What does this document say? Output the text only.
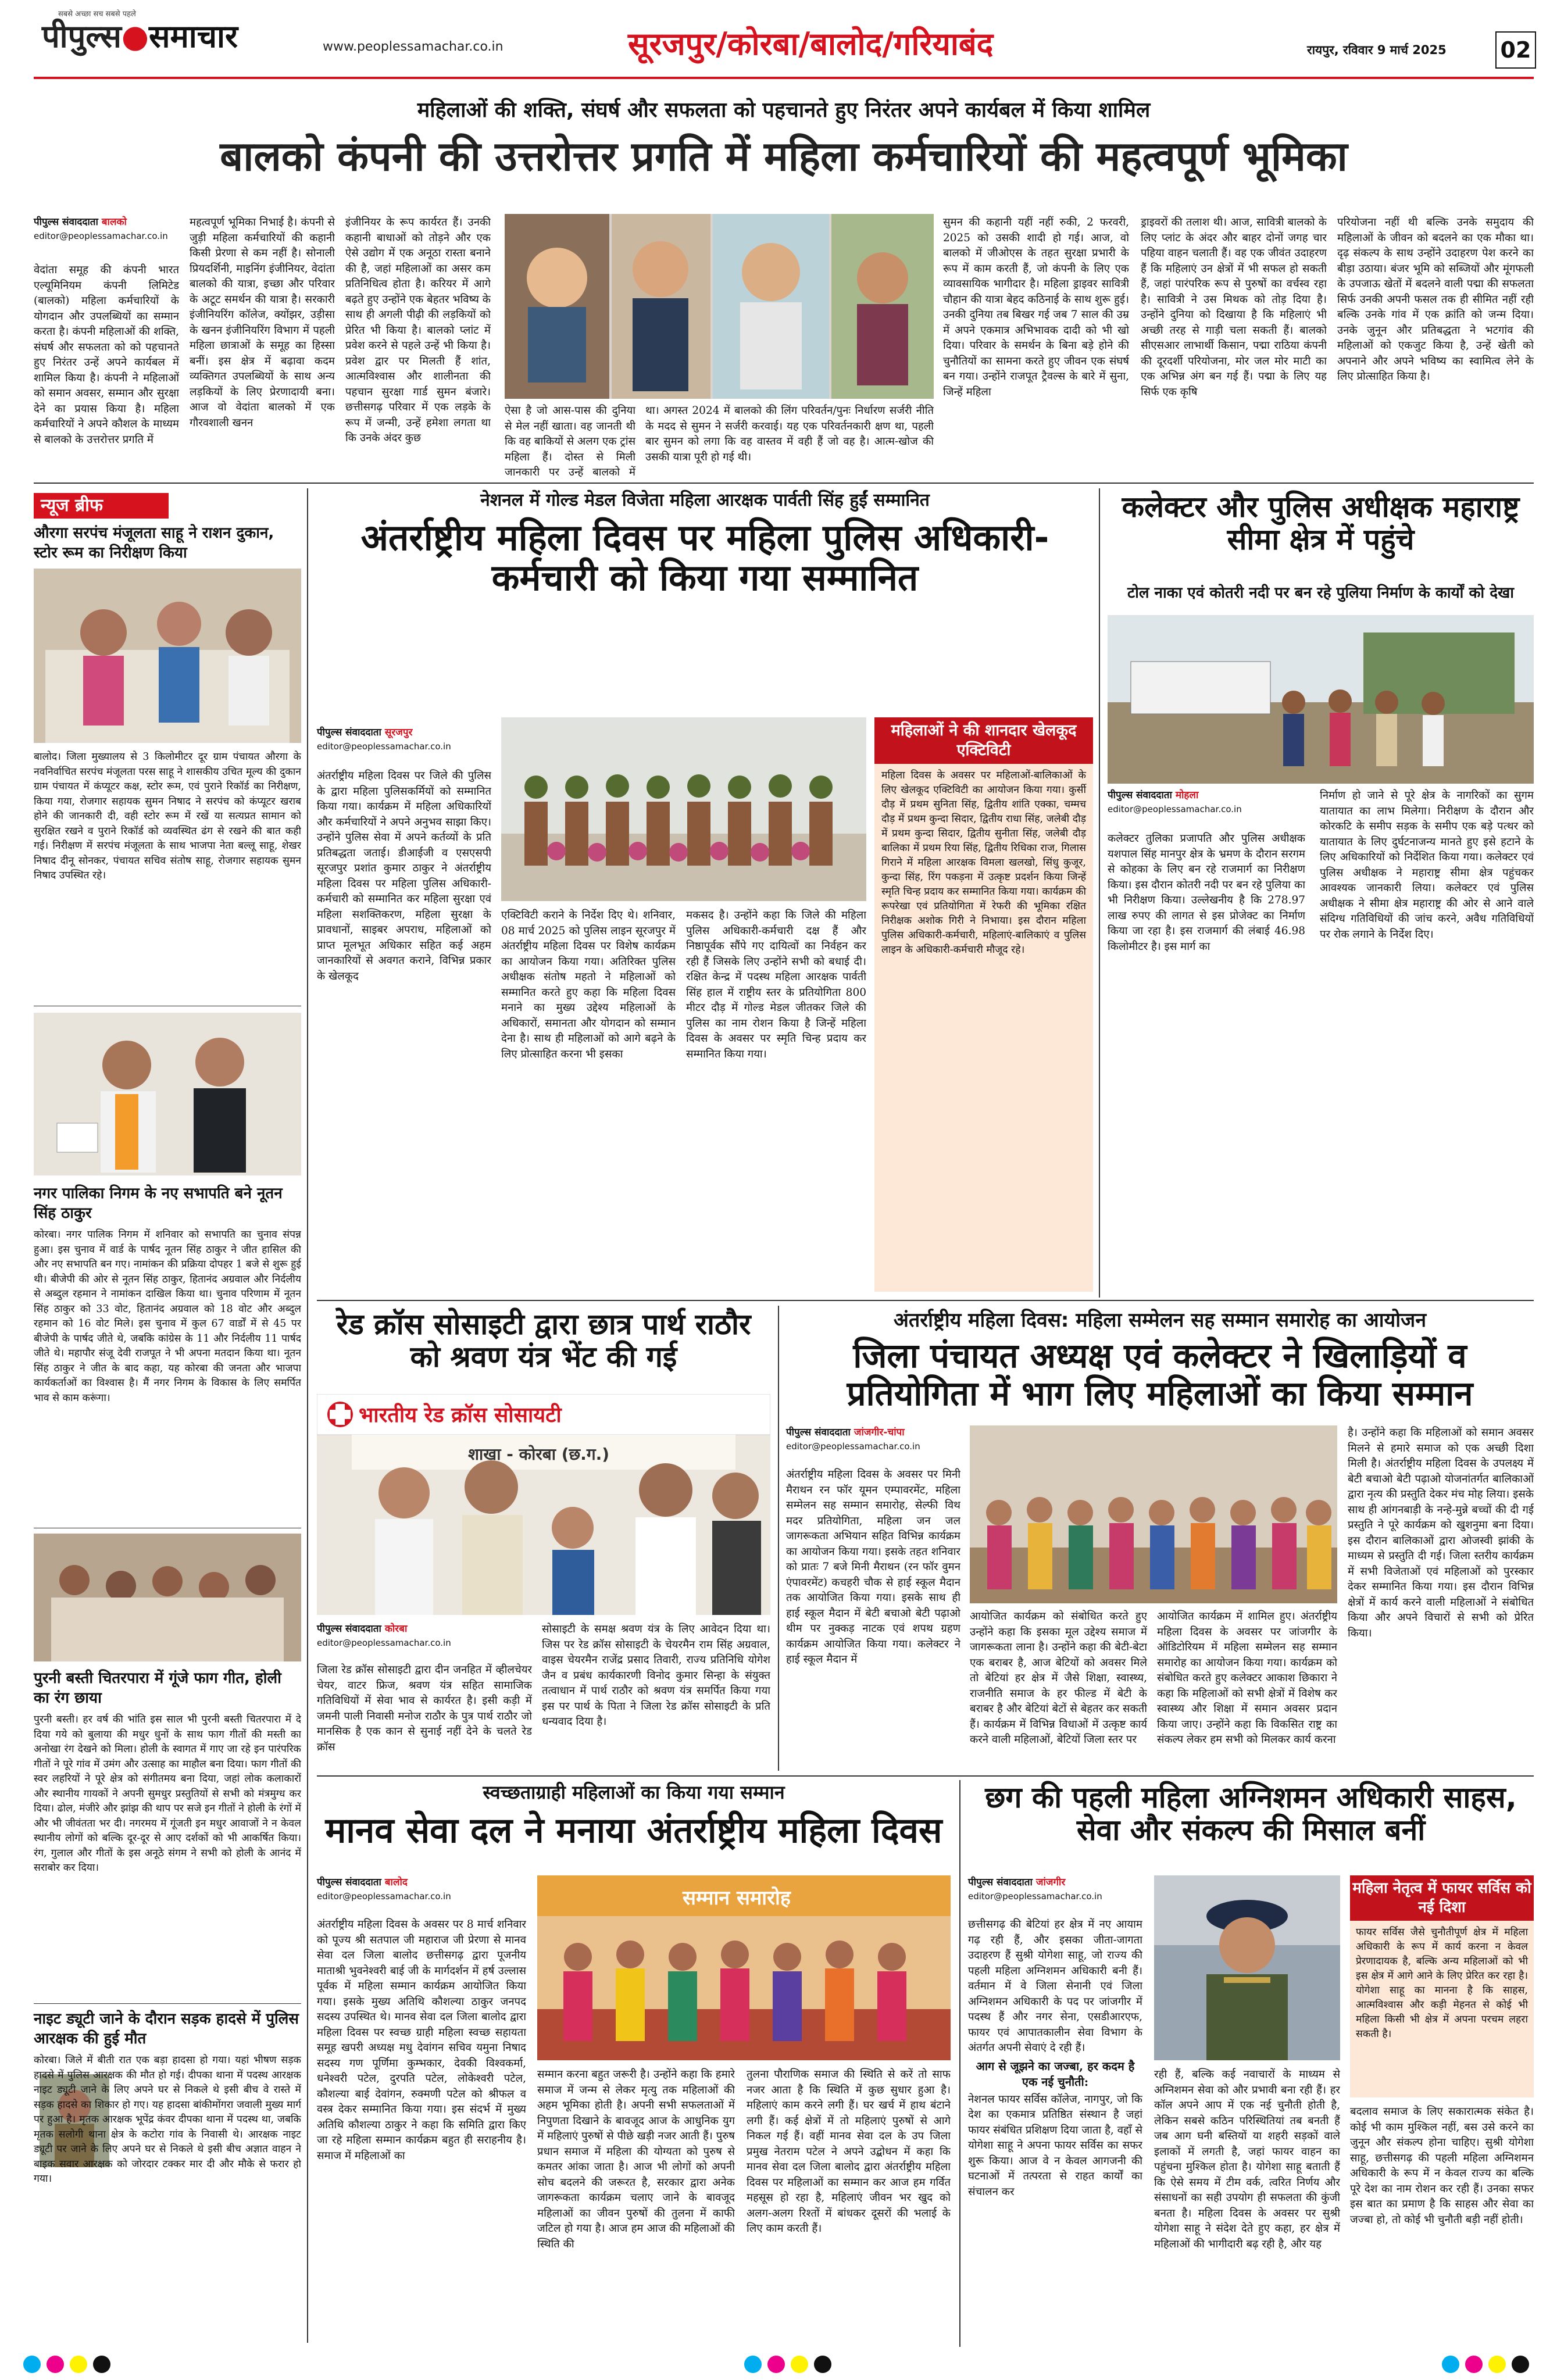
सबसे अच्छा सच सबसे पहले
पीपुल्स●समाचार	www.peoplessamachar.co.in	सूरजपुर/कोरबा/बालोद/गरियाबंद	रायपुर, रविवार 9 मार्च 2025 02
महिलाओं की शक्ति, संघर्ष और सफलता को पहचानते हुए निरंतर अपने कार्यबल में किया शामिल
बालको कंपनी की उत्तरोत्तर प्रगति में महिला कर्मचारियों की महत्वपूर्ण भूमिका
पीपुल्स संवाददाता बालको
editor@peoplessamachar.co.in
वेदांता समूह की कंपनी भारत एल्यूमिनियम कंपनी लिमिटेड (बालको) महिला कर्मचारियों के योगदान और उपलब्धियों का सम्मान करता है। कंपनी महिलाओं की शक्ति, संघर्ष और सफलता को को पहचानते हुए निरंतर उन्हें अपने कार्यबल में शामिल किया है। कंपनी ने महिलाओं को समान अवसर, सम्मान और सुरक्षा देने का प्रयास किया है। महिला कर्मचारियों ने अपने कौशल के माध्यम से बालको के उत्तरोत्तर प्रगति में
महत्वपूर्ण भूमिका निभाई है। कंपनी से जुड़ी महिला कर्मचारियों की कहानी किसी प्रेरणा से कम नहीं है। सोनाली प्रियदर्शिनी, माइनिंग इंजीनियर, वेदांता बालको की यात्रा, इच्छा और परिवार के अटूट समर्थन की यात्रा है। सरकारी इंजीनियरिंग कॉलेज, क्योंझर, उड़ीसा के खनन इंजीनियरिंग विभाग में पहली महिला छात्राओं के समूह का हिस्सा बनीं। इस क्षेत्र में बढ़ावा कदम व्यक्तिगत उपलब्धियों के साथ अन्य लड़कियों के लिए प्रेरणादायी बना। आज वो वेदांता बालको में एक गौरवशाली खनन
इंजीनियर के रूप कार्यरत हैं। उनकी कहानी बाधाओं को तोड़ने और एक ऐसे उद्योग में एक अनूठा रास्ता बनाने की है, जहां महिलाओं का असर कम प्रतिनिधित्व होता है। करियर में आगे बढ़ते हुए उन्होंने एक बेहतर भविष्य के साथ ही अगली पीढ़ी की लड़कियों को प्रेरित भी किया है। बालको प्लांट में प्रवेश करने से पहले उन्हें भी किया है। प्रवेश द्वार पर मिलती हैं शांत, आत्मविश्वास और शालीनता की पहचान सुरक्षा गार्ड सुमन बंजारे। छत्तीसगढ़ परिवार में एक लड़के के रूप में जन्मी, उन्हें हमेशा लगता था कि उनके अंदर कुछ
ऐसा है जो आस-पास की दुनिया से मेल नहीं खाता। वह जानती थी कि वह बाकियों से अलग एक ट्रांस महिला हैं। दोस्त से मिली जानकारी पर उन्हें बालको में
था। अगस्त 2024 में बालको की लिंग परिवर्तन/पुनः निर्धारण सर्जरी नीति के मदद से सुमन ने सर्जरी करवाई। यह एक परिवर्तनकारी क्षण था, पहली बार सुमन को लगा कि वह वास्तव में वही हैं जो वह है। आत्म-खोज की उसकी यात्रा पूरी हो गई थी।
सुमन की कहानी यहीं नहीं रुकी, 2 फरवरी, 2025 को उसकी शादी हो गई। आज, वो बालको में जीओएस के तहत सुरक्षा प्रभारी के रूप में काम करती हैं, जो कंपनी के लिए एक व्यावसायिक भागीदार है। महिला ड्राइवर सावित्री चौहान की यात्रा बेहद कठिनाई के साथ शुरू हुई। उनकी दुनिया तब बिखर गई जब 7 साल की उम्र में अपने एकमात्र अभिभावक दादी को भी खो दिया। परिवार के समर्थन के बिना बड़े होने की चुनौतियों का सामना करते हुए जीवन एक संघर्ष बन गया। उन्होंने राजपूत ट्रैवल्स के बारे में सुना, जिन्हें महिला
ड्राइवरों की तलाश थी। आज, सावित्री बालको के लिए प्लांट के अंदर और बाहर दोनों जगह चार पहिया वाहन चलाती हैं। वह एक जीवंत उदाहरण हैं कि महिलाएं उन क्षेत्रों में भी सफल हो सकती हैं, जहां पारंपरिक रूप से पुरुषों का वर्चस्व रहा है। सावित्री ने उस मिथक को तोड़ दिया है। उन्होंने दुनिया को दिखाया है कि महिलाएं भी अच्छी तरह से गाड़ी चला सकती हैं। बालको सीएसआर लाभार्थी किसान, पद्मा राठिया कंपनी की दूरदर्शी परियोजना, मोर जल मोर माटी का एक अभिन्न अंग बन गई हैं। पद्मा के लिए यह सिर्फ एक कृषि
परियोजना नहीं थी बल्कि उनके समुदाय की महिलाओं के जीवन को बदलने का एक मौका था। दृढ़ संकल्प के साथ उन्होंने उदाहरण पेश करने का बीड़ा उठाया। बंजर भूमि को सब्जियों और मूंगफली के उपजाऊ खेतों में बदलने वाली पद्मा की सफलता सिर्फ उनकी अपनी फसल तक ही सीमित नहीं रही बल्कि उनके गांव में एक क्रांति को जन्म दिया। उनके जुनून और प्रतिबद्धता ने भटगांव की महिलाओं को एकजुट किया है, उन्हें खेती को अपनाने और अपने भविष्य का स्वामित्व लेने के लिए प्रोत्साहित किया है।
न्यूज ब्रीफ
औरगा सरपंच मंजूलता साहू ने राशन दुकान, स्टोर रूम का निरीक्षण किया
बालोद। जिला मुख्यालय से 3 किलोमीटर दूर ग्राम पंचायत औरगा के नवनिर्वाचित सरपंच मंजूलता परस साहू ने शासकीय उचित मूल्य की दुकान ग्राम पंचायत में कंप्यूटर कक्ष, स्टोर रूम, एवं पुराने रिकॉर्ड का निरीक्षण, किया गया, रोजगार सहायक सुमन निषाद ने सरपंच को कंप्यूटर खराब होने की जानकारी दी, वही स्टोर रूम में रखें या सत्यप्रत सामान को सुरक्षित रखने व पुराने रिकॉर्ड को व्यवस्थित ढंग से रखने की बात कही गई। निरीक्षण में सरपंच मंजूलता के साथ भाजपा नेता बल्लू साहू, शेखर निषाद दीनू सोनकर, पंचायत सचिव संतोष साहू, रोजगार सहायक सुमन निषाद उपस्थित रहे।
नगर पालिका निगम के नए सभापति बने नूतन सिंह ठाकुर
कोरबा। नगर पालिक निगम में शनिवार को सभापति का चुनाव संपन्न हुआ। इस चुनाव में वार्ड के पार्षद नूतन सिंह ठाकुर ने जीत हासिल की और नए सभापति बन गए। नामांकन की प्रक्रिया दोपहर 1 बजे से शुरू हुई थी। बीजेपी की ओर से नूतन सिंह ठाकुर, हितानंद अग्रवाल और निर्दलीय से अब्दुल रहमान ने नामांकन दाखिल किया था। चुनाव परिणाम में नूतन सिंह ठाकुर को 33 वोट, हितानंद अग्रवाल को 18 वोट और अब्दुल रहमान को 16 वोट मिले। इस चुनाव में कुल 67 वार्डों में से 45 पर बीजेपी के पार्षद जीते थे, जबकि कांग्रेस के 11 और निर्दलीय 11 पार्षद जीते थे। महापौर संजू देवी राजपूत ने भी अपना मतदान किया था। नूतन सिंह ठाकुर ने जीत के बाद कहा, यह कोरबा की जनता और भाजपा कार्यकर्ताओं का विश्वास है। मैं नगर निगम के विकास के लिए समर्पित भाव से काम करूंगा।
पुरनी बस्ती चितरपारा में गूंजे फाग गीत, होली का रंग छाया
पुरनी बस्ती। हर वर्ष की भांति इस साल भी पुरनी बस्ती चितरपारा में दे दिया गये को बुलाया की मधुर धुनों के साथ फाग गीतों की मस्ती का अनोखा रंग देखने को मिला। होली के स्वागत में गाए जा रहे इन पारंपरिक गीतों ने पूरे गांव में उमंग और उत्साह का माहौल बना दिया। फाग गीतों की स्वर लहरियों ने पूरे क्षेत्र को संगीतमय बना दिया, जहां लोक कलाकारों और स्थानीय गायकों ने अपनी सुमधुर प्रस्तुतियों से सभी को मंत्रमुग्ध कर दिया। ढोल, मंजीरे और झांझ की थाप पर सजे इन गीतों ने होली के रंगों में और भी जीवंतता भर दी। नगरमय में गूंजती इन मधुर आवाजों ने न केवल स्थानीय लोगों को बल्कि दूर-दूर से आए दर्शकों को भी आकर्षित किया। रंग, गुलाल और गीतों के इस अनूठे संगम ने सभी को होली के आनंद में सराबोर कर दिया।
नाइट ड्यूटी जाने के दौरान सड़क हादसे में पुलिस आरक्षक की हुई मौत
कोरबा। जिले में बीती रात एक बड़ा हादसा हो गया। यहां भीषण सड़क हादसे में पुलिस आरक्षक की मौत हो गई। दीपका थाना में पदस्थ आरक्षक नाइट ड्यूटी जाने के लिए अपने घर से निकले थे इसी बीच वे रास्ते में सड़क हादसे का शिकार हो गए। यह हादसा बांकीमोंगरा जवाली मुख्य मार्ग पर हुआ है। मृतक आरक्षक भूपेंद्र कंवर दीपका थाना में पदस्थ था, जबकि मृतक सलोगी थाना क्षेत्र के कटोरा गांव के निवासी थे। आरक्षक नाइट ड्यूटी पर जाने के लिए अपने घर से निकले थे इसी बीच अज्ञात वाहन ने बाइक सवार आरक्षक को जोरदार टक्कर मार दी और मौके से फरार हो गया।
नेशनल में गोल्ड मेडल विजेता महिला आरक्षक पार्वती सिंह हुईं सम्मानित
अंतर्राष्ट्रीय महिला दिवस पर महिला पुलिस अधिकारी-कर्मचारी को किया गया सम्मानित
पीपुल्स संवाददाता सूरजपुर
editor@peoplessamachar.co.in
अंतर्राष्ट्रीय महिला दिवस पर जिले की पुलिस के द्वारा महिला पुलिसकर्मियों को सम्मानित किया गया। कार्यक्रम में महिला अधिकारियों और कर्मचारियों ने अपने अनुभव साझा किए। उन्होंने पुलिस सेवा में अपने कर्तव्यों के प्रति प्रतिबद्धता जताई। डीआईजी व एसएसपी सूरजपुर प्रशांत कुमार ठाकुर ने अंतर्राष्ट्रीय महिला दिवस पर महिला पुलिस अधिकारी-कर्मचारी को सम्मानित कर महिला सुरक्षा एवं महिला सशक्तिकरण, महिला सुरक्षा के प्रावधानों, साइबर अपराध, महिलाओं को प्राप्त मूलभूत अधिकार सहित कई अहम जानकारियों से अवगत कराने, विभिन्न प्रकार के खेलकूद
एक्टिविटी कराने के निर्देश दिए थे। शनिवार, 08 मार्च 2025 को पुलिस लाइन सूरजपुर में अंतर्राष्ट्रीय महिला दिवस पर विशेष कार्यक्रम का आयोजन किया गया। अतिरिक्त पुलिस अधीक्षक संतोष महतो ने महिलाओं को सम्मानित करते हुए कहा कि महिला दिवस मनाने का मुख्य उद्देश्य महिलाओं के अधिकारों, समानता और योगदान को सम्मान देना है। साथ ही महिलाओं को आगे बढ़ने के लिए प्रोत्साहित करना भी इसका
मकसद है। उन्होंने कहा कि जिले की महिला पुलिस अधिकारी-कर्मचारी दक्ष हैं और निष्ठापूर्वक सौंपे गए दायित्वों का निर्वहन कर रही हैं जिसके लिए उन्होंने सभी को बधाई दी। रक्षित केन्द्र में पदस्थ महिला आरक्षक पार्वती सिंह हाल में राष्ट्रीय स्तर के प्रतियोगिता 800 मीटर दौड़ में गोल्ड मेडल जीतकर जिले की पुलिस का नाम रोशन किया है जिन्हें महिला दिवस के अवसर पर स्मृति चिन्ह प्रदाय कर सम्मानित किया गया।
महिलाओं ने की शानदार खेलकूद एक्टिविटी
महिला दिवस के अवसर पर महिलाओं-बालिकाओं के लिए खेलकूद एक्टिविटी का आयोजन किया गया। कुर्सी दौड़ में प्रथम सुनिता सिंह, द्वितीय शांति एक्का, चम्मच दौड़ में प्रथम कुन्दा सिदार, द्वितीय राधा सिंह, जलेबी दौड़ में प्रथम कुन्दा सिदार, द्वितीय सुनीता सिंह, जलेबी दौड़ बालिका में प्रथम रिया सिंह, द्वितीय रिधिका राज, गिलास गिराने में महिला आरक्षक विमला खलखो, सिंधु कुजूर, कुन्दा सिंह, रिंग पकड़ना में उत्कृष्ट प्रदर्शन किया जिन्हें स्मृति चिन्ह प्रदाय कर सम्मानित किया गया। कार्यक्रम की रूपरेखा एवं प्रतियोगिता में रेफरी की भूमिका रक्षित निरीक्षक अशोक गिरी ने निभाया। इस दौरान महिला पुलिस अधिकारी-कर्मचारी, महिलाएं-बालिकाएं व पुलिस लाइन के अधिकारी-कर्मचारी मौजूद रहे।
कलेक्टर और पुलिस अधीक्षक महाराष्ट्र सीमा क्षेत्र में पहुंचे
टोल नाका एवं कोतरी नदी पर बन रहे पुलिया निर्माण के कार्यों को देखा
पीपुल्स संवाददाता मोहला
editor@peoplessamachar.co.in
कलेक्टर तुलिका प्रजापति और पुलिस अधीक्षक यशपाल सिंह मानपुर क्षेत्र के भ्रमण के दौरान सरगम से कोहका के लिए बन रहे राजमार्ग का निरीक्षण किया। इस दौरान कोतरी नदी पर बन रहे पुलिया का भी निरीक्षण किया। उल्लेखनीय है कि 278.97 लाख रुपए की लागत से इस प्रोजेक्ट का निर्माण किया जा रहा है। इस राजमार्ग की लंबाई 46.98 किलोमीटर है। इस मार्ग का
निर्माण हो जाने से पूरे क्षेत्र के नागरिकों का सुगम यातायात का लाभ मिलेगा। निरीक्षण के दौरान और कोरकटि के समीप सड़क के समीप एक बड़े पत्थर को यातायात के लिए दुर्घटनाजन्य मानते हुए इसे हटाने के लिए अधिकारियों को निर्देशित किया गया। कलेक्टर एवं पुलिस अधीक्षक ने महाराष्ट्र सीमा क्षेत्र पहुंचकर आवश्यक जानकारी लिया। कलेक्टर एवं पुलिस अधीक्षक ने सीमा क्षेत्र महाराष्ट्र की ओर से आने वाले संदिग्ध गतिविधियों की जांच करने, अवैध गतिविधियों पर रोक लगाने के निर्देश दिए।
रेड क्रॉस सोसाइटी द्वारा छात्र पार्थ राठौर को श्रवण यंत्र भेंट की गई
भारतीय रेड क्रॉस सोसायटी
शाखा - कोरबा (छ.ग.)
पीपुल्स संवाददाता कोरबा
editor@peoplessamachar.co.in
जिला रेड क्रॉस सोसाइटी द्वारा दीन जनहित में व्हीलचेयर चेयर, वाटर फ्रिज, श्रवण यंत्र सहित सामाजिक गतिविधियों में सेवा भाव से कार्यरत है। इसी कड़ी में जमनी पाली निवासी मनोज राठौर के पुत्र पार्थ राठौर जो मानसिक है एक कान से सुनाई नहीं देने के चलते रेड क्रॉस
सोसाइटी के समक्ष श्रवण यंत्र के लिए आवेदन दिया था। जिस पर रेड क्रॉस सोसाइटी के चेयरमैन राम सिंह अग्रवाल, वाइस चेयरमैन राजेंद्र प्रसाद तिवारी, राज्य प्रतिनिधि योगेश जैन व प्रबंध कार्यकारणी विनोद कुमार सिन्हा के संयुक्त तत्वाधान में पार्थ राठौर को श्रवण यंत्र समर्पित किया गया इस पर पार्थ के पिता ने जिला रेड क्रॉस सोसाइटी के प्रति धन्यवाद दिया है।
अंतर्राष्ट्रीय महिला दिवस: महिला सम्मेलन सह सम्मान समारोह का आयोजन
जिला पंचायत अध्यक्ष एवं कलेक्टर ने खिलाड़ियों व प्रतियोगिता में भाग लिए महिलाओं का किया सम्मान
पीपुल्स संवाददाता जांजगीर-चांपा
editor@peoplessamachar.co.in
अंतर्राष्ट्रीय महिला दिवस के अवसर पर मिनी मैराथन रन फॉर यूमन एम्पावरमेंट, महिला सम्मेलन सह सम्मान समारोह, सेल्फी विथ मदर प्रतियोगिता, महिला जन जल जागरूकता अभियान सहित विभिन्न कार्यक्रम का आयोजन किया गया। इसके तहत शनिवार को प्रातः 7 बजे मिनी मैराथन (रन फॉर वुमन एंपावरमेंट) कचहरी चौक से हाई स्कूल मैदान तक आयोजित किया गया। इसके साथ ही हाई स्कूल मैदान में बेटी बचाओ बेटी पढ़ाओ थीम पर नुक्कड़ नाटक एवं शपथ ग्रहण कार्यक्रम आयोजित किया गया। कलेक्टर ने हाई स्कूल मैदान में
आयोजित कार्यक्रम को संबोधित करते हुए उन्होंने कहा कि इसका मूल उद्देश्य समाज में जागरूकता लाना है। उन्होंने कहा की बेटी-बेटा एक बराबर है, आज बेटियों को अवसर मिले तो बेटियां हर क्षेत्र में जैसे शिक्षा, स्वास्थ्य, राजनीति समाज के हर फील्ड में बेटी के बराबर है और बेटियां बेटों से बेहतर कर सकती हैं। कार्यक्रम में विभिन्न विधाओं में उत्कृष्ट कार्य करने वाली महिलाओं, बेटियों जिला स्तर पर
आयोजित कार्यक्रम में शामिल हुए। अंतर्राष्ट्रीय महिला दिवस के अवसर पर जांजगीर के ऑडिटोरियम में महिला सम्मेलन सह सम्मान समारोह का आयोजन किया गया। कार्यक्रम को संबोधित करते हुए कलेक्टर आकाश छिकारा ने कहा कि महिलाओं को सभी क्षेत्रों में विशेष कर स्वास्थ्य और शिक्षा में समान अवसर प्रदान किया जाए। उन्होंने कहा कि विकसित राष्ट्र का संकल्प लेकर हम सभी को मिलकर कार्य करना
है। उन्होंने कहा कि महिलाओं को समान अवसर मिलने से हमारे समाज को एक अच्छी दिशा मिली है। अंतर्राष्ट्रीय महिला दिवस के उपलक्ष्य में बेटी बचाओ बेटी पढ़ाओ योजनांतर्गत बालिकाओं द्वारा नृत्य की प्रस्तुति देकर मंच मोह लिया। इसके साथ ही आंगनबाड़ी के नन्हे-मुन्ने बच्चों की दी गई प्रस्तुति ने पूरे कार्यक्रम को खुशनुमा बना दिया। इस दौरान बालिकाओं द्वारा ओजस्वी झांकी के माध्यम से प्रस्तुति दी गई। जिला स्तरीय कार्यक्रम में सभी विजेताओं एवं महिलाओं को पुरस्कार देकर सम्मानित किया गया। इस दौरान विभिन्न क्षेत्रों में कार्य करने वाली महिलाओं ने संबोधित किया और अपने विचारों से सभी को प्रेरित किया।
स्वच्छताग्राही महिलाओं का किया गया सम्मान
मानव सेवा दल ने मनाया अंतर्राष्ट्रीय महिला दिवस
पीपुल्स संवाददाता बालोद
editor@peoplessamachar.co.in
अंतर्राष्ट्रीय महिला दिवस के अवसर पर 8 मार्च शनिवार को पूज्य श्री सतपाल जी महाराज जी प्रेरणा से मानव सेवा दल जिला बालोद छत्तीसगढ़ द्वारा पूजनीय माताश्री भुवनेश्वरी बाई जी के मार्गदर्शन में हर्ष उल्लास पूर्वक में महिला सम्मान कार्यक्रम आयोजित किया गया। इसके मुख्य अतिथि कौशल्या ठाकुर जनपद सदस्य उपस्थित थे। मानव सेवा दल जिला बालोद द्वारा महिला दिवस पर स्वच्छ ग्राही महिला स्वच्छ सहायता समूह खपरी अध्यक्ष मधु देवांगन सचिव यमुना निषाद सदस्य गण पूर्णिमा कुम्भकार, देवकी विश्वकर्मा, धनेश्वरी पटेल, दुरपति पटेल, लोकेश्वरी पटेल, कौशल्या बाई देवांगन, रुक्मणी पटेल को श्रीफल व वस्त्र देकर सम्मानित किया गया। इस संदर्भ में मुख्य अतिथि कौशल्या ठाकुर ने कहा कि समिति द्वारा किए जा रहे महिला सम्मान कार्यक्रम बहुत ही सराहनीय है। समाज में महिलाओं का
सम्मान समारोह
सम्मान करना बहुत जरूरी है। उन्होंने कहा कि हमारे समाज में जन्म से लेकर मृत्यु तक महिलाओं की अहम भूमिका होती है। अपनी सभी सफलताओं में निपुणता दिखाने के बावजूद आज के आधुनिक युग में महिलाएं पुरुषों से पीछे खड़ी नजर आती हैं। पुरुष प्रधान समाज में महिला की योग्यता को पुरुष से कमतर आंका जाता है। आज भी लोगों को अपनी सोच बदलने की जरूरत है, सरकार द्वारा अनेक जागरूकता कार्यक्रम चलाए जाने के बावजूद महिलाओं का जीवन पुरुषों की तुलना में काफी जटिल हो गया है। आज हम आज की महिलाओं की स्थिति की
तुलना पौराणिक समाज की स्थिति से करें तो साफ नजर आता है कि स्थिति में कुछ सुधार हुआ है। महिलाएं काम करने लगी हैं। घर खर्च में हाथ बंटाने लगी हैं। कई क्षेत्रों में तो महिलाएं पुरुषों से आगे निकल गई हैं। वहीं मानव सेवा दल के उप जिला प्रमुख नेतराम पटेल ने अपने उद्बोधन में कहा कि मानव सेवा दल जिला बालोद द्वारा अंतर्राष्ट्रीय महिला दिवस पर महिलाओं का सम्मान कर आज हम गर्वित महसूस हो रहा है, महिलाएं जीवन भर खुद को अलग-अलग रिश्तों में बांधकर दूसरों की भलाई के लिए काम करती हैं।
छग की पहली महिला अग्निशमन अधिकारी साहस, सेवा और संकल्प की मिसाल बनीं
पीपुल्स संवाददाता जांजगीर
editor@peoplessamachar.co.in
छत्तीसगढ़ की बेटियां हर क्षेत्र में नए आयाम गढ़ रही हैं, और इसका जीता-जागता उदाहरण हैं सुश्री योगेशा साहू, जो राज्य की पहली महिला अग्निशमन अधिकारी बनी हैं। वर्तमान में वे जिला सेनानी एवं जिला अग्निशमन अधिकारी के पद पर जांजगीर में पदस्थ हैं और नगर सेना, एसडीआरएफ, फायर एवं आपातकालीन सेवा विभाग के अंतर्गत अपनी सेवाएं दे रही हैं।
आग से जूझने का जज्बा, हर कदम है एक नई चुनौती:
नेशनल फायर सर्विस कॉलेज, नागपुर, जो कि देश का एकमात्र प्रतिष्ठित संस्थान है जहां फायर संबंधित प्रशिक्षण दिया जाता है, वहाँ से योगेशा साहू ने अपना फायर सर्विस का सफर शुरू किया। आज वे न केवल आगजनी की घटनाओं में तत्परता से राहत कार्यों का संचालन कर
रही हैं, बल्कि कई नवाचारों के माध्यम से अग्निशमन सेवा को और प्रभावी बना रही हैं। हर कॉल अपने आप में एक नई चुनौती होती है, लेकिन सबसे कठिन परिस्थितियां तब बनती हैं जब आग घनी बस्तियों या शहरी सड़कों वाले इलाकों में लगती है, जहां फायर वाहन का पहुंचना मुश्किल होता है। योगेशा साहू बताती हैं कि ऐसे समय में टीम वर्क, त्वरित निर्णय और संसाधनों का सही उपयोग ही सफलता की कुंजी बनता है। महिला दिवस के अवसर पर सुश्री योगेशा साहू ने संदेश देते हुए कहा, हर क्षेत्र में महिलाओं की भागीदारी बढ़ रही है, और यह
महिला नेतृत्व में फायर सर्विस को नई दिशा
फायर सर्विस जैसे चुनौतीपूर्ण क्षेत्र में महिला अधिकारी के रूप में कार्य करना न केवल प्रेरणादायक है, बल्कि अन्य महिलाओं को भी इस क्षेत्र में आगे आने के लिए प्रेरित कर रहा है। योगेशा साहू का मानना है कि साहस, आत्मविश्वास और कड़ी मेहनत से कोई भी महिला किसी भी क्षेत्र में अपना परचम लहरा सकती है।
बदलाव समाज के लिए सकारात्मक संकेत है। कोई भी काम मुश्किल नहीं, बस उसे करने का जुनून और संकल्प होना चाहिए। सुश्री योगेशा साहू, छत्तीसगढ़ की पहली महिला अग्निशमन अधिकारी के रूप में न केवल राज्य का बल्कि पूरे देश का नाम रोशन कर रही हैं। उनका सफर इस बात का प्रमाण है कि साहस और सेवा का जज्बा हो, तो कोई भी चुनौती बड़ी नहीं होती।
